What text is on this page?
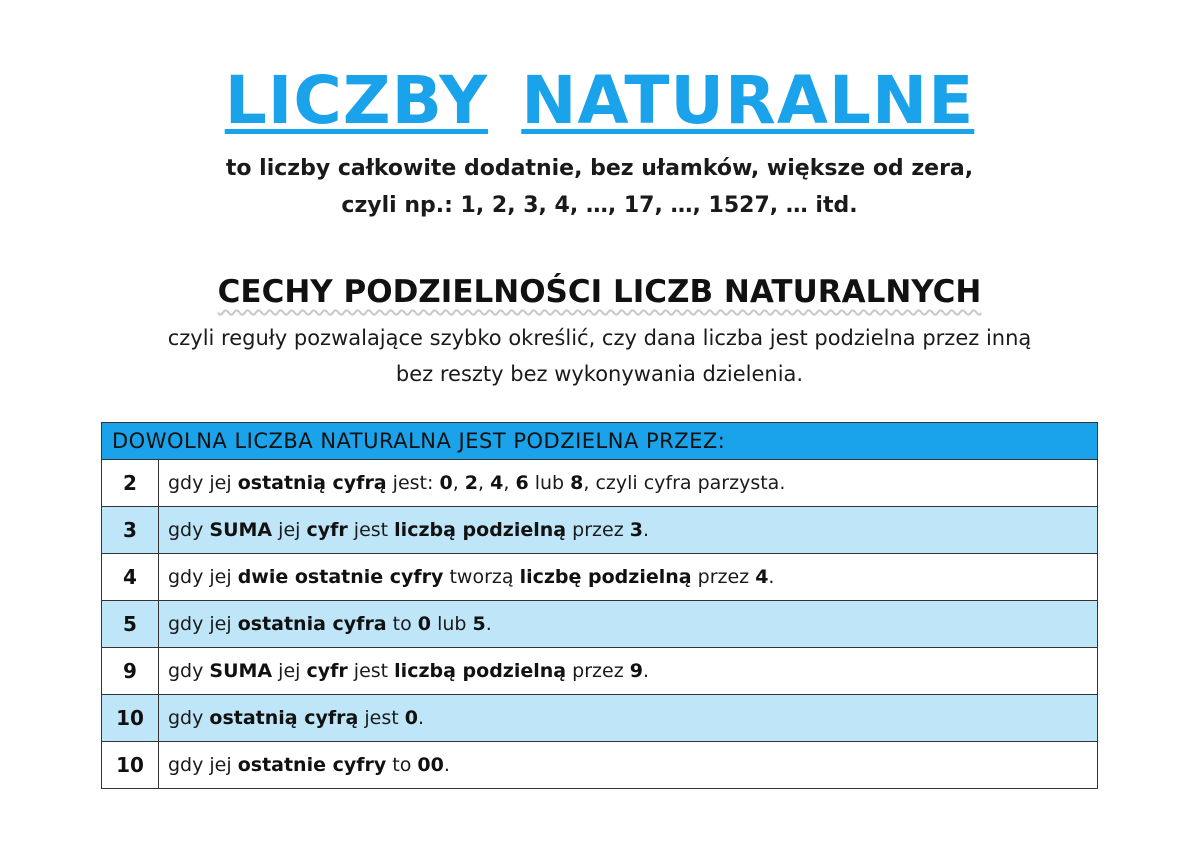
LICZBY NATURALNE
to liczby całkowite dodatnie, bez ułamków, większe od zera,
czyli np.: 1, 2, 3, 4, …, 17, …, 1527, … itd.
CECHY PODZIELNOŚCI LICZB NATURALNYCH
czyli reguły pozwalające szybko określić, czy dana liczba jest podzielna przez inną
bez reszty bez wykonywania dzielenia.
DOWOLNA LICZBA NATURALNA JEST PODZIELNA PRZEZ:	
2	gdy jej ostatnią cyfrą jest: 0, 2, 4, 6 lub 8, czyli cyfra parzysta.
3	gdy SUMA jej cyfr jest liczbą podzielną przez 3.
4	gdy jej dwie ostatnie cyfry tworzą liczbę podzielną przez 4.
5	gdy jej ostatnia cyfra to 0 lub 5.
9	gdy SUMA jej cyfr jest liczbą podzielną przez 9.
10	gdy ostatnią cyfrą jest 0.
10	gdy jej ostatnie cyfry to 00.
